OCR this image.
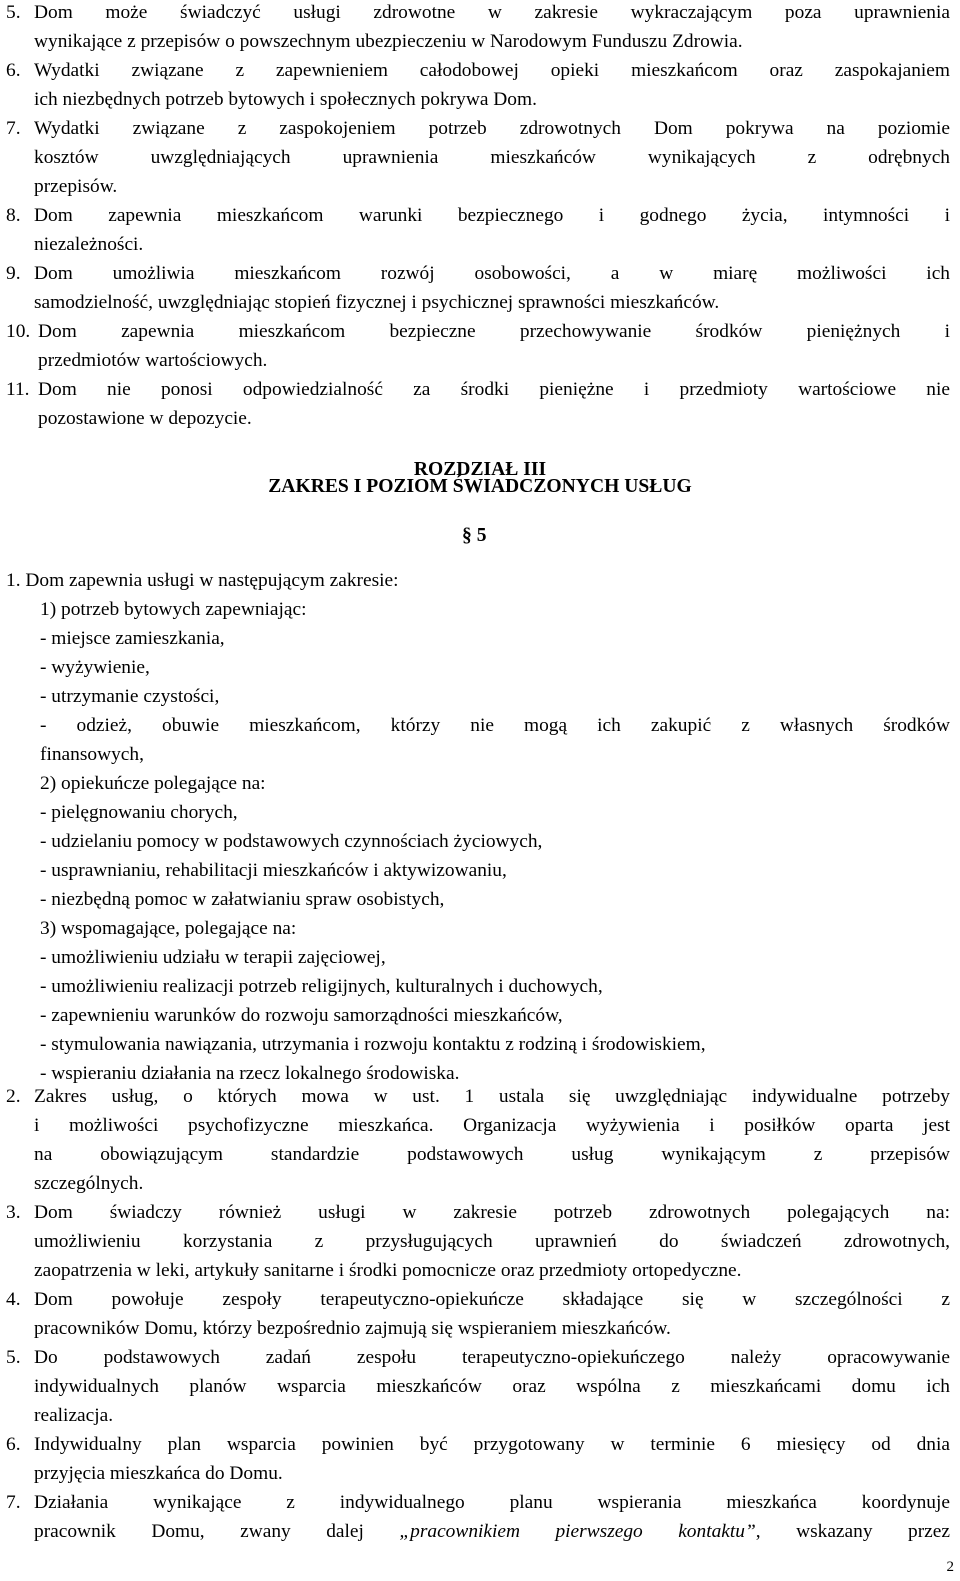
5. Dom może świadczyć usługi zdrowotne w zakresie wykraczającym poza uprawnienia
wynikające z przepisów o powszechnym ubezpieczeniu w Narodowym Funduszu Zdrowia.
6. Wydatki związane z zapewnieniem całodobowej opieki mieszkańcom oraz zaspokajaniem
ich niezbędnych potrzeb bytowych i społecznych pokrywa Dom.
7. Wydatki związane z zaspokojeniem potrzeb zdrowotnych Dom pokrywa na poziomie
kosztów uwzględniających uprawnienia mieszkańców wynikających z odrębnych
przepisów.
8. Dom zapewnia mieszkańcom warunki bezpiecznego i godnego życia, intymności i
niezależności.
9. Dom umożliwia mieszkańcom rozwój osobowości, a w miarę możliwości ich
samodzielność, uwzględniając stopień fizycznej i psychicznej sprawności mieszkańców.
10. Dom zapewnia mieszkańcom bezpieczne przechowywanie środków pieniężnych i
przedmiotów wartościowych.
11. Dom nie ponosi odpowiedzialność za środki pieniężne i przedmioty wartościowe nie
pozostawione w depozycie.
ROZDZIAŁ III
ZAKRES I POZIOM ŚWIADCZONYCH USŁUG
§ 5
1. Dom zapewnia usługi w następującym zakresie:
1) potrzeb bytowych zapewniając:
- miejsce zamieszkania,
- wyżywienie,
- utrzymanie czystości,
- odzież, obuwie mieszkańcom, którzy nie mogą ich zakupić z własnych środków
finansowych,
2) opiekuńcze polegające na:
- pielęgnowaniu chorych,
- udzielaniu pomocy w podstawowych czynnościach życiowych,
- usprawnianiu, rehabilitacji mieszkańców i aktywizowaniu,
- niezbędną pomoc w załatwianiu spraw osobistych,
3) wspomagające, polegające na:
- umożliwieniu udziału w terapii zajęciowej,
- umożliwieniu realizacji potrzeb religijnych, kulturalnych i duchowych,
- zapewnieniu warunków do rozwoju samorządności mieszkańców,
- stymulowania nawiązania, utrzymania i rozwoju kontaktu z rodziną i środowiskiem,
- wspieraniu działania na rzecz lokalnego środowiska.
2. Zakres usług, o których mowa w ust. 1 ustala się uwzględniając indywidualne potrzeby
i możliwości psychofizyczne mieszkańca. Organizacja wyżywienia i posiłków oparta jest
na obowiązującym standardzie podstawowych usług wynikającym z przepisów
szczególnych.
3. Dom świadczy również usługi w zakresie potrzeb zdrowotnych polegających na:
umożliwieniu korzystania z przysługujących uprawnień do świadczeń zdrowotnych,
zaopatrzenia w leki, artykuły sanitarne i środki pomocnicze oraz przedmioty ortopedyczne.
4. Dom powołuje zespoły terapeutyczno-opiekuńcze składające się w szczególności z
pracowników Domu, którzy bezpośrednio zajmują się wspieraniem mieszkańców.
5. Do podstawowych zadań zespołu terapeutyczno-opiekuńczego należy opracowywanie
indywidualnych planów wsparcia mieszkańców oraz wspólna z mieszkańcami domu ich
realizacja.
6. Indywidualny plan wsparcia powinien być przygotowany w terminie 6 miesięcy od dnia
przyjęcia mieszkańca do Domu.
7. Działania wynikające z indywidualnego planu wspierania mieszkańca koordynuje
pracownik Domu, zwany dalej „pracownikiem pierwszego kontaktu”, wskazany przez
2
